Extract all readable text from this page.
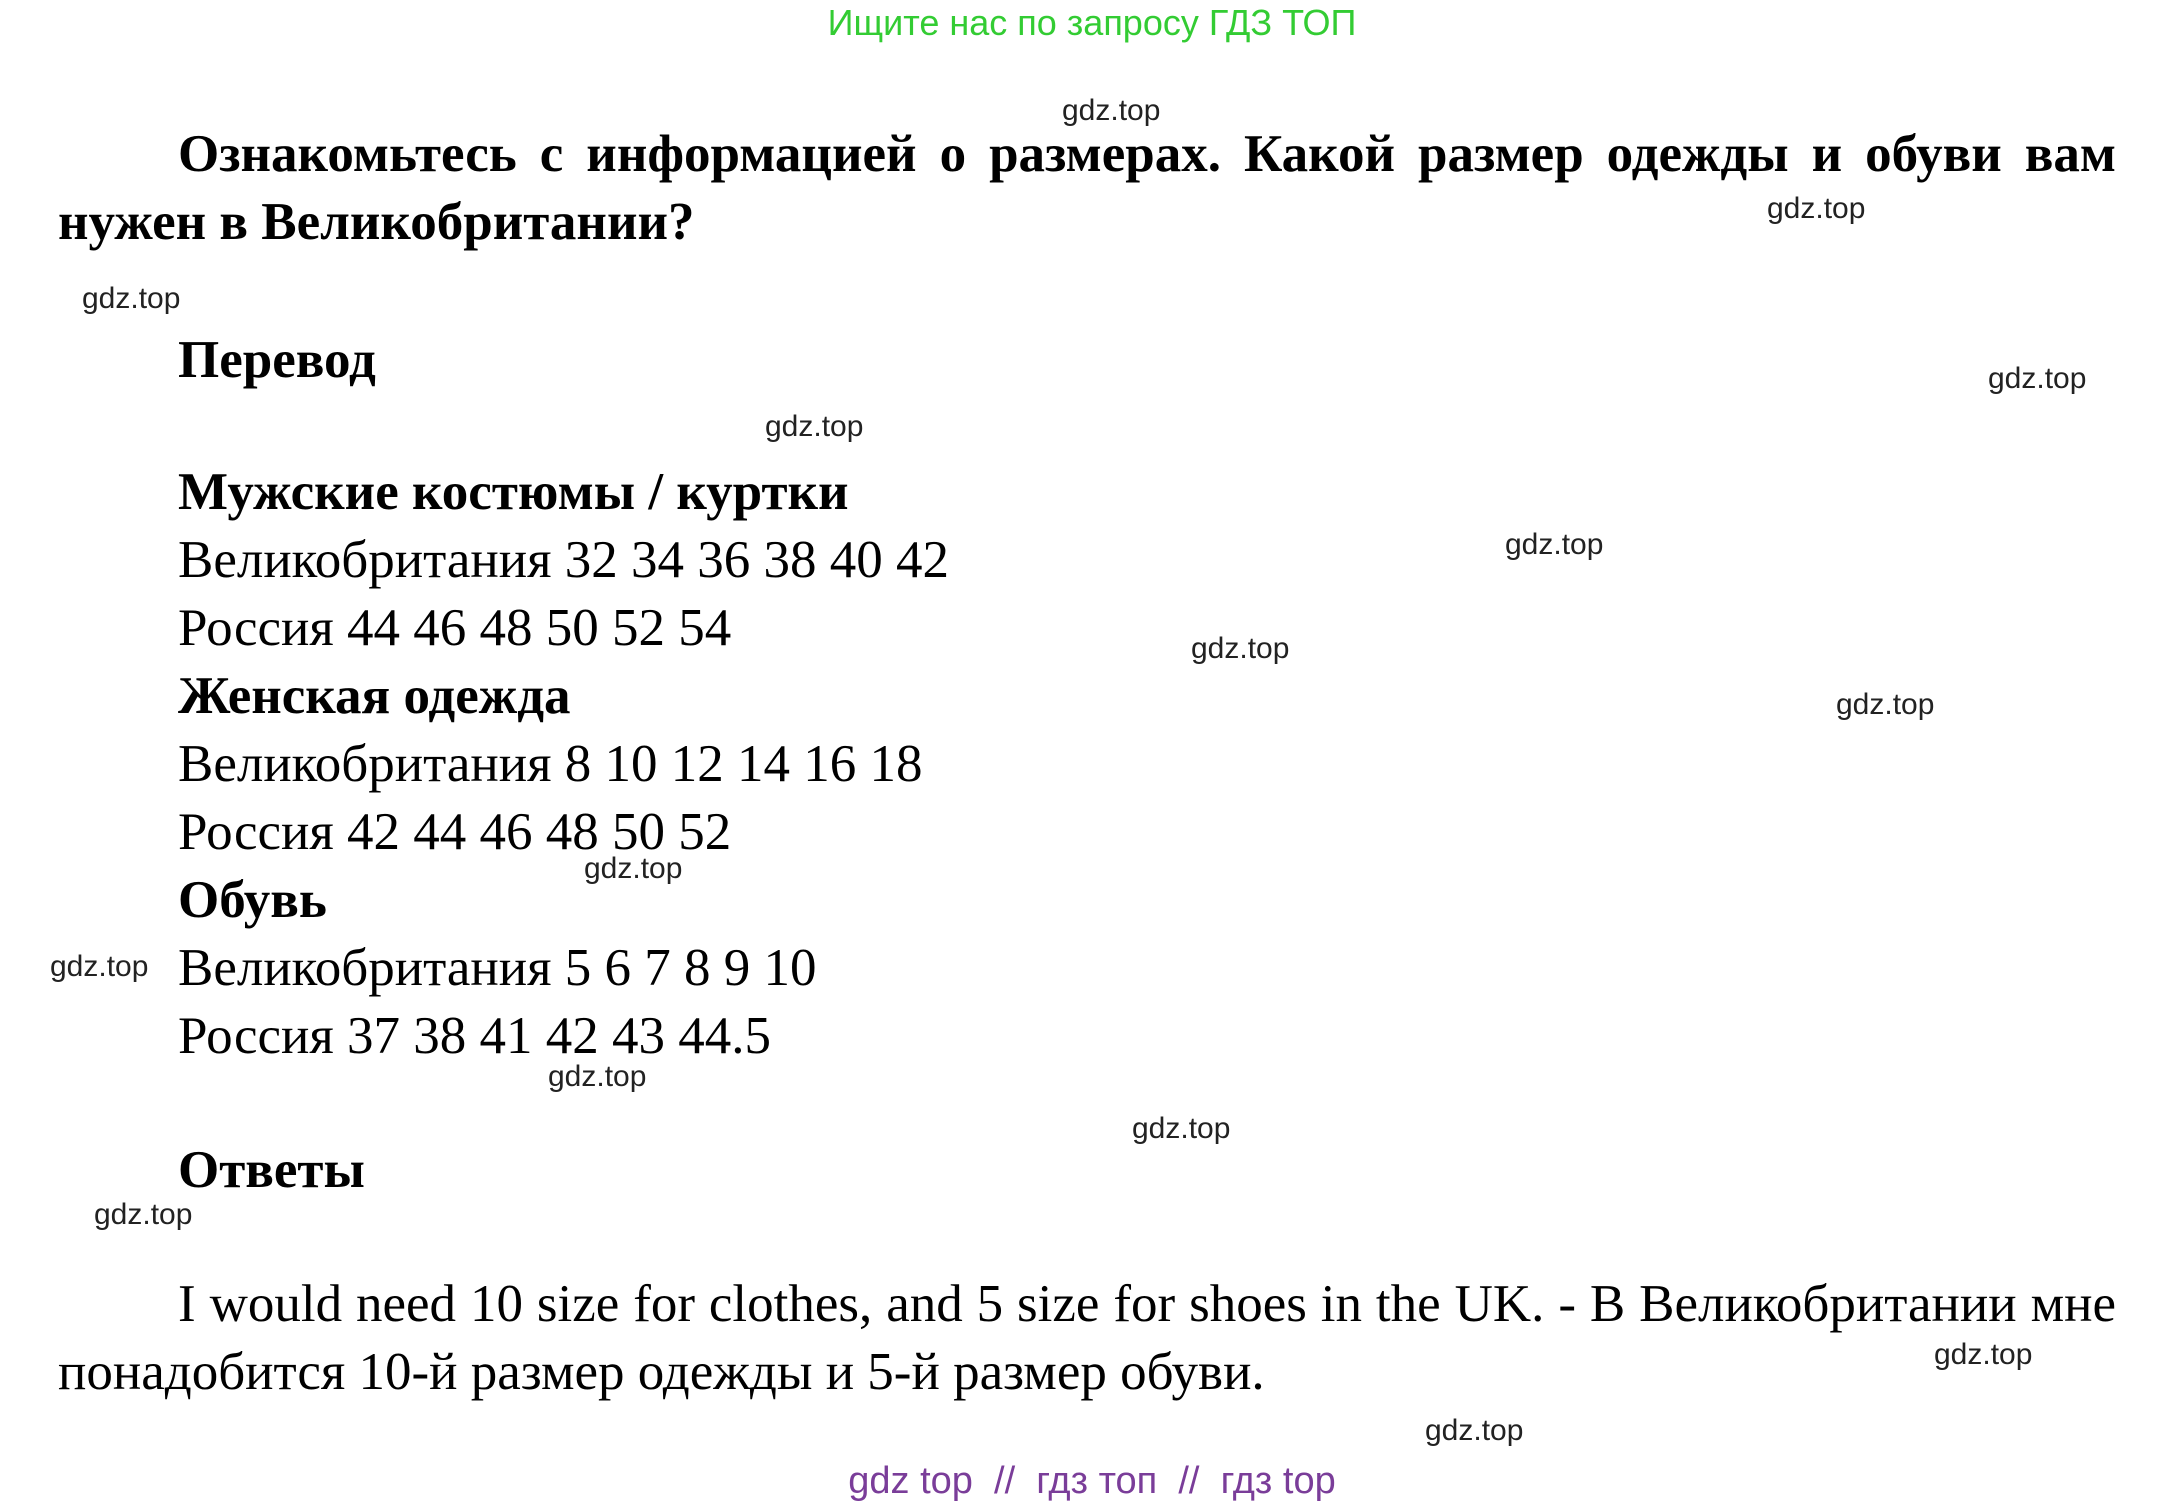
Ищите нас по запросу ГДЗ ТОП
Ознакомьтесь с информацией о размерах. Какой размер одежды и обуви вам нужен в Великобритании?
Перевод
Мужские костюмы / куртки
Великобритания 32 34 36 38 40 42
Россия 44 46 48 50 52 54
Женская одежда
Великобритания 8 10 12 14 16 18
Россия 42 44 46 48 50 52
Обувь
Великобритания 5 6 7 8 9 10
Россия 37 38 41 42 43 44.5
Ответы
I would need 10 size for clothes, and 5 size for shoes in the UK. - В Великобритании мне понадобится 10-й размер одежды и 5-й размер обуви.
gdz.top
gdz.top
gdz.top
gdz.top
gdz.top
gdz.top
gdz.top
gdz.top
gdz.top
gdz.top
gdz.top
gdz.top
gdz.top
gdz.top
gdz.top
gdz top  //  гдз топ  //  гдз top
